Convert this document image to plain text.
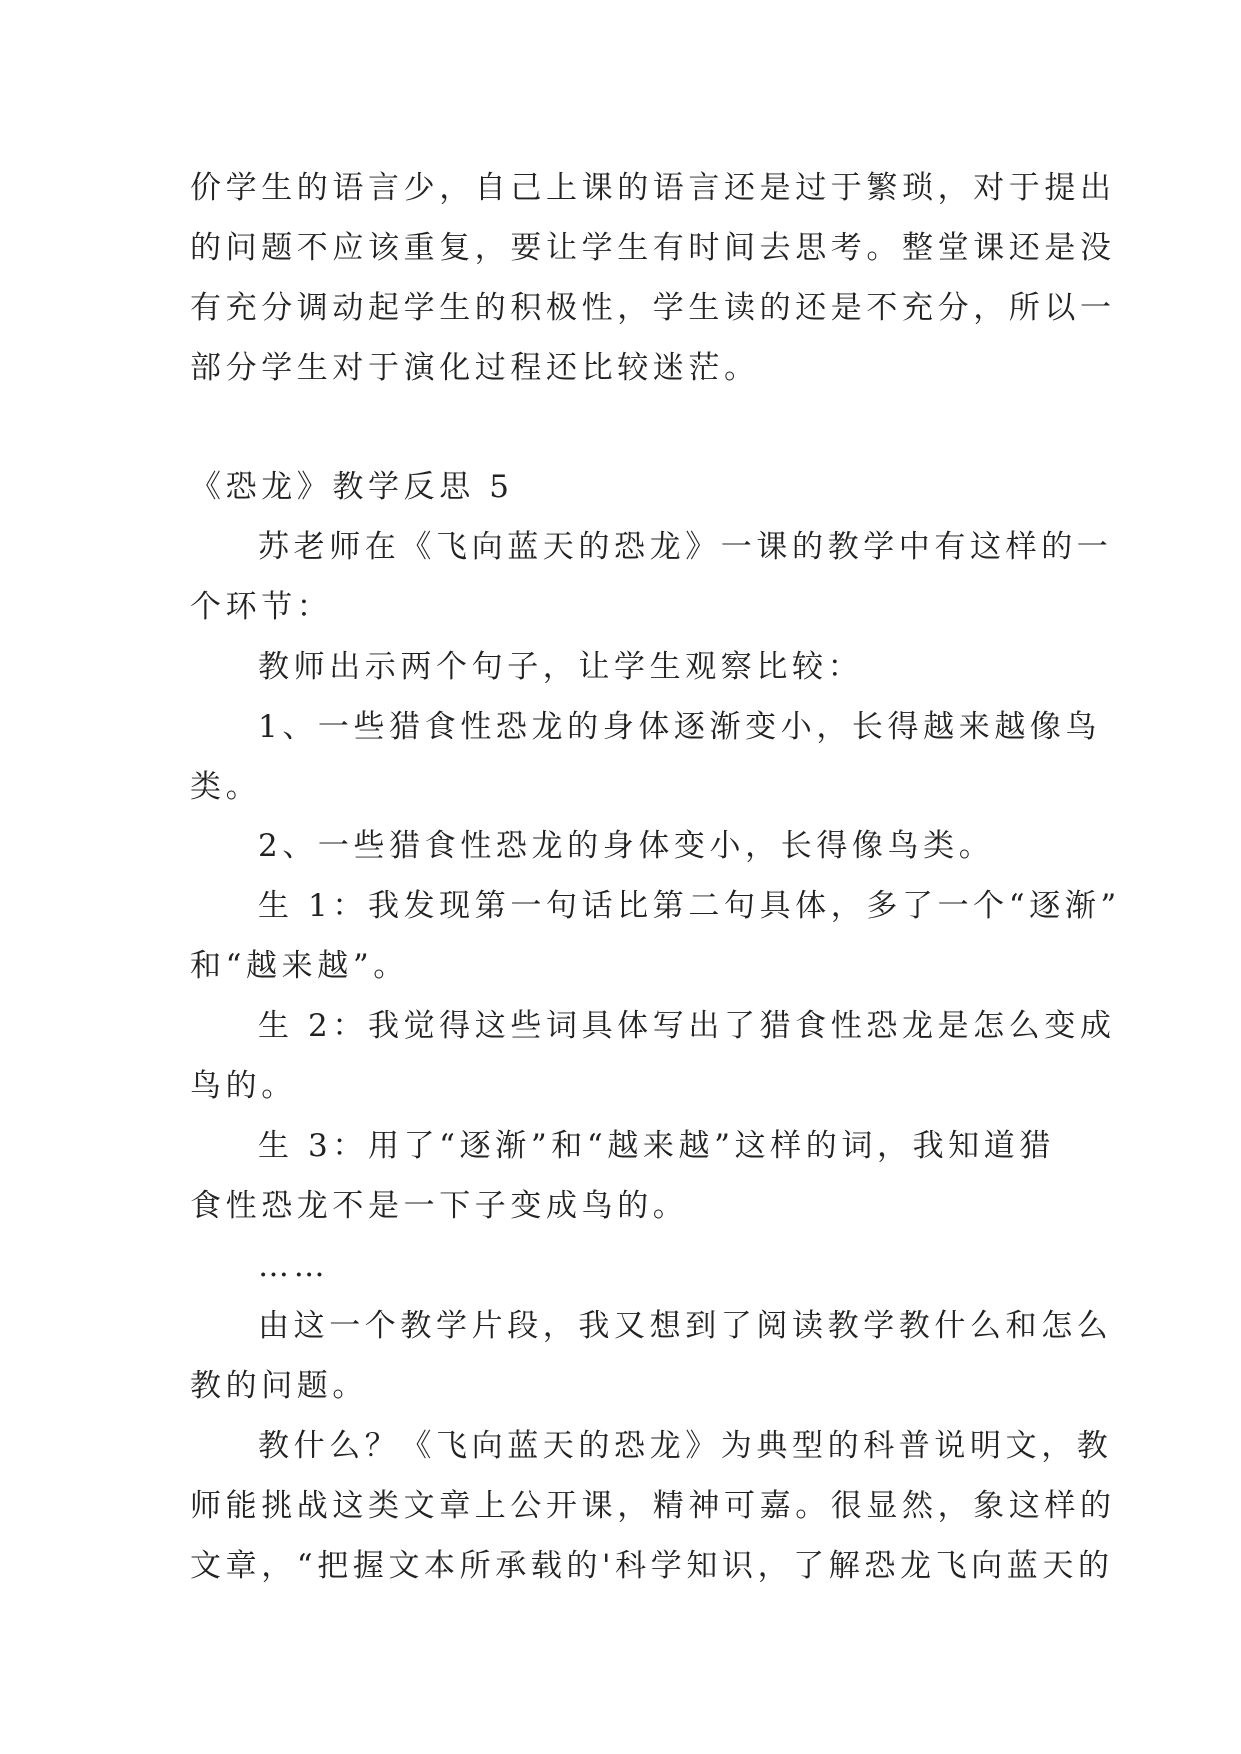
价学生的语言少，自己上课的语言还是过于繁琐，对于提出
的问题不应该重复，要让学生有时间去思考。整堂课还是没
有充分调动起学生的积极性，学生读的还是不充分，所以一
部分学生对于演化过程还比较迷茫。
《恐龙》教学反思 5
苏老师在《飞向蓝天的恐龙》一课的教学中有这样的一
个环节：
教师出示两个句子，让学生观察比较：
1、一些猎食性恐龙的身体逐渐变小，长得越来越像鸟
类。
2、一些猎食性恐龙的身体变小，长得像鸟类。
生 1：我发现第一句话比第二句具体，多了一个“逐渐”
和“越来越”。
生 2：我觉得这些词具体写出了猎食性恐龙是怎么变成
鸟的。
生 3：用了“逐渐”和“越来越”这样的词，我知道猎
食性恐龙不是一下子变成鸟的。
……
由这一个教学片段，我又想到了阅读教学教什么和怎么
教的问题。
教什么？《飞向蓝天的恐龙》为典型的科普说明文，教
师能挑战这类文章上公开课，精神可嘉。很显然，象这样的
文章，“把握文本所承载的'科学知识，了解恐龙飞向蓝天的
